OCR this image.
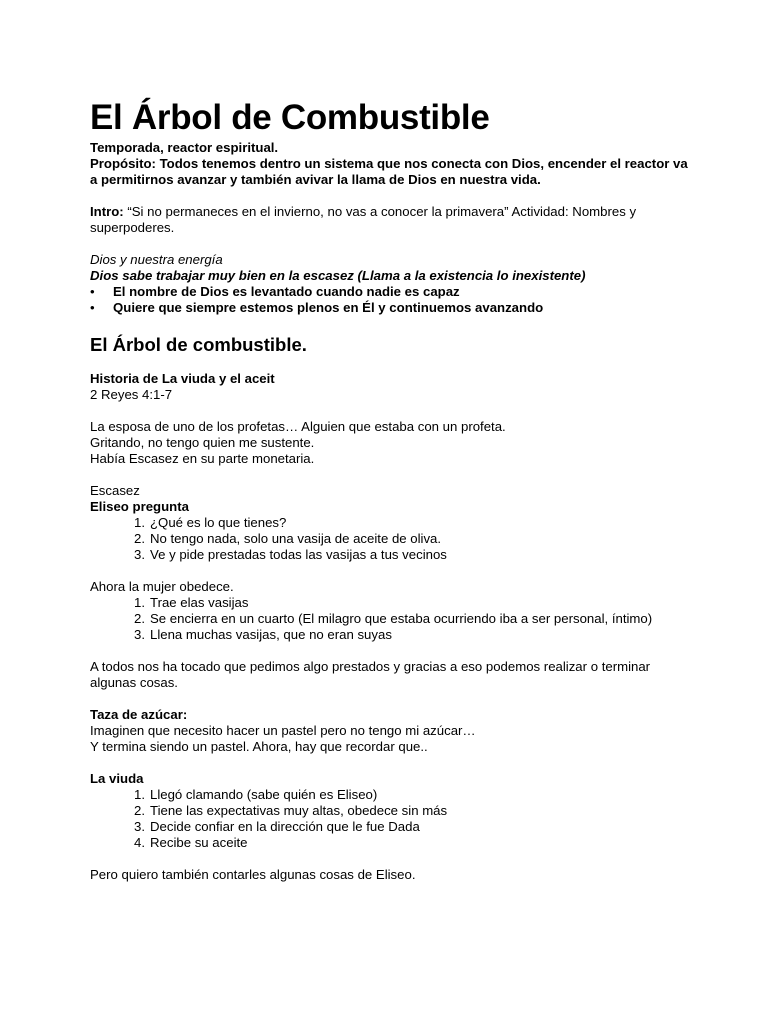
El Árbol de Combustible

Temporada, reactor espiritual.

Propósito: Todos tenemos dentro un sistema que nos conecta con Dios, encender el reactor va a permitirnos avanzar y también avivar la llama de Dios en nuestra vida.

Intro: “Si no permaneces en el invierno, no vas a conocer la primavera” Actividad: Nombres y superpoderes.

Dios y nuestra energía

Dios sabe trabajar muy bien en la escasez (Llama a la existencia lo inexistente)

•	El nombre de Dios es levantado cuando nadie es capaz
•	Quiere que siempre estemos plenos en Él y continuemos avanzando
El Árbol de combustible.

Historia de La viuda y el aceit

2 Reyes 4:1-7

La esposa de uno de los profetas… Alguien que estaba con un profeta.

Gritando, no tengo quien me sustente.

Había Escasez en su parte monetaria.

Escasez

Eliseo pregunta

1. ¿Qué es lo que tienes?
2. No tengo nada, solo una vasija de aceite de oliva.
3. Ve y pide prestadas todas las vasijas a tus vecinos

Ahora la mujer obedece.

1. Trae elas vasijas
2. Se encierra en un cuarto (El milagro que estaba ocurriendo iba a ser personal, íntimo)
3. Llena muchas vasijas, que no eran suyas

A todos nos ha tocado que pedimos algo prestados y gracias a eso podemos realizar o terminar algunas cosas.

Taza de azúcar:

Imaginen que necesito hacer un pastel pero no tengo mi azúcar…

Y termina siendo un pastel. Ahora, hay que recordar que..

La viuda

1. Llegó clamando (sabe quién es Eliseo)
2. Tiene las expectativas muy altas, obedece sin más
3. Decide confiar en la dirección que le fue Dada
4. Recibe su aceite

Pero quiero también contarles algunas cosas de Eliseo.
